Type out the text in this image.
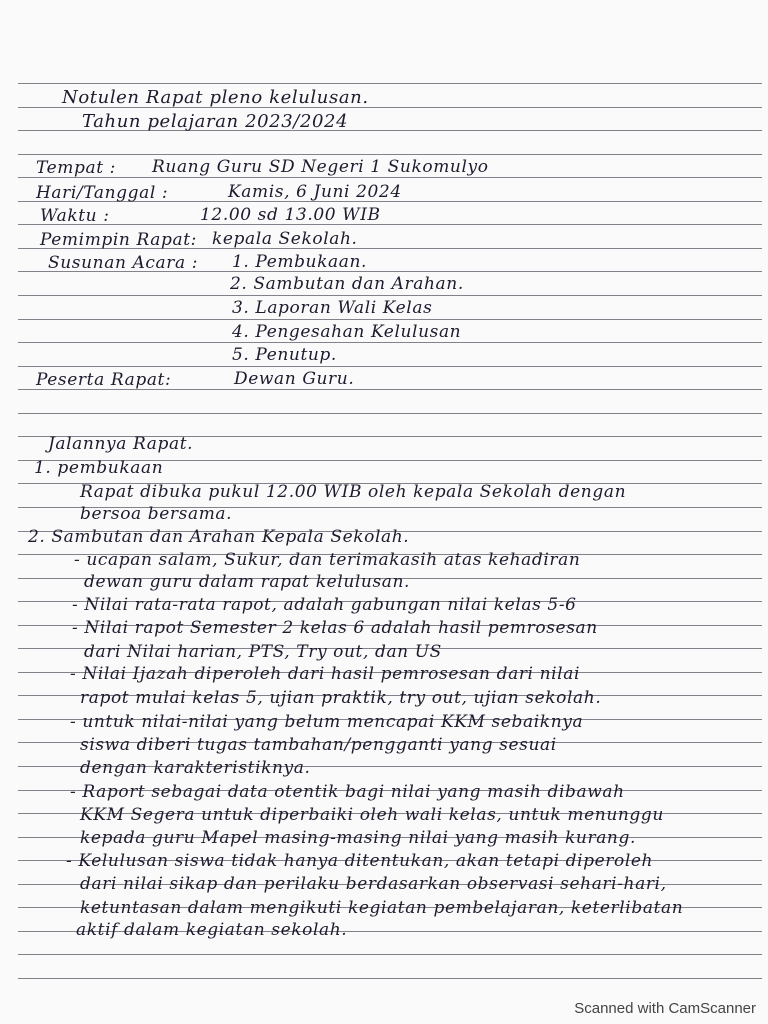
Notulen Rapat pleno kelulusan.
Tahun pelajaran 2023/2024
Tempat : Ruang Guru SD Negeri 1 Sukomulyo
Hari/Tanggal :	Kamis, 6 Juni 2024
Waktu :	12.00 sd 13.00 WIB
Pemimpin Rapat: kepala Sekolah.
Susunan Acara : 1. Pembukaan.
2. Sambutan dan Arahan.
3. Laporan Wali Kelas
4. Pengesahan Kelulusan
5. Penutup.
Peserta Rapat:	Dewan Guru.
Jalannya Rapat.
1. pembukaan
Rapat dibuka pukul 12.00 WIB oleh kepala Sekolah dengan
bersoa bersama.
2. Sambutan dan Arahan Kepala Sekolah.
- ucapan salam, Sukur, dan terimakasih atas kehadiran
dewan guru dalam rapat kelulusan.
- Nilai rata-rata rapot, adalah gabungan nilai kelas 5-6
- Nilai rapot Semester 2 kelas 6 adalah hasil pemrosesan
dari Nilai harian, PTS, Try out, dan US
- Nilai Ijazah diperoleh dari hasil pemrosesan dari nilai
rapot mulai kelas 5, ujian praktik, try out, ujian sekolah.
- untuk nilai-nilai yang belum mencapai KKM sebaiknya
siswa diberi tugas tambahan/pengganti yang sesuai
dengan karakteristiknya.
- Raport sebagai data otentik bagi nilai yang masih dibawah
KKM Segera untuk diperbaiki oleh wali kelas, untuk menunggu
kepada guru Mapel masing-masing nilai yang masih kurang.
- Kelulusan siswa tidak hanya ditentukan, akan tetapi diperoleh
dari nilai sikap dan perilaku berdasarkan observasi sehari-hari,
ketuntasan dalam mengikuti kegiatan pembelajaran, keterlibatan
aktif dalam kegiatan sekolah.
Scanned with CamScanner
